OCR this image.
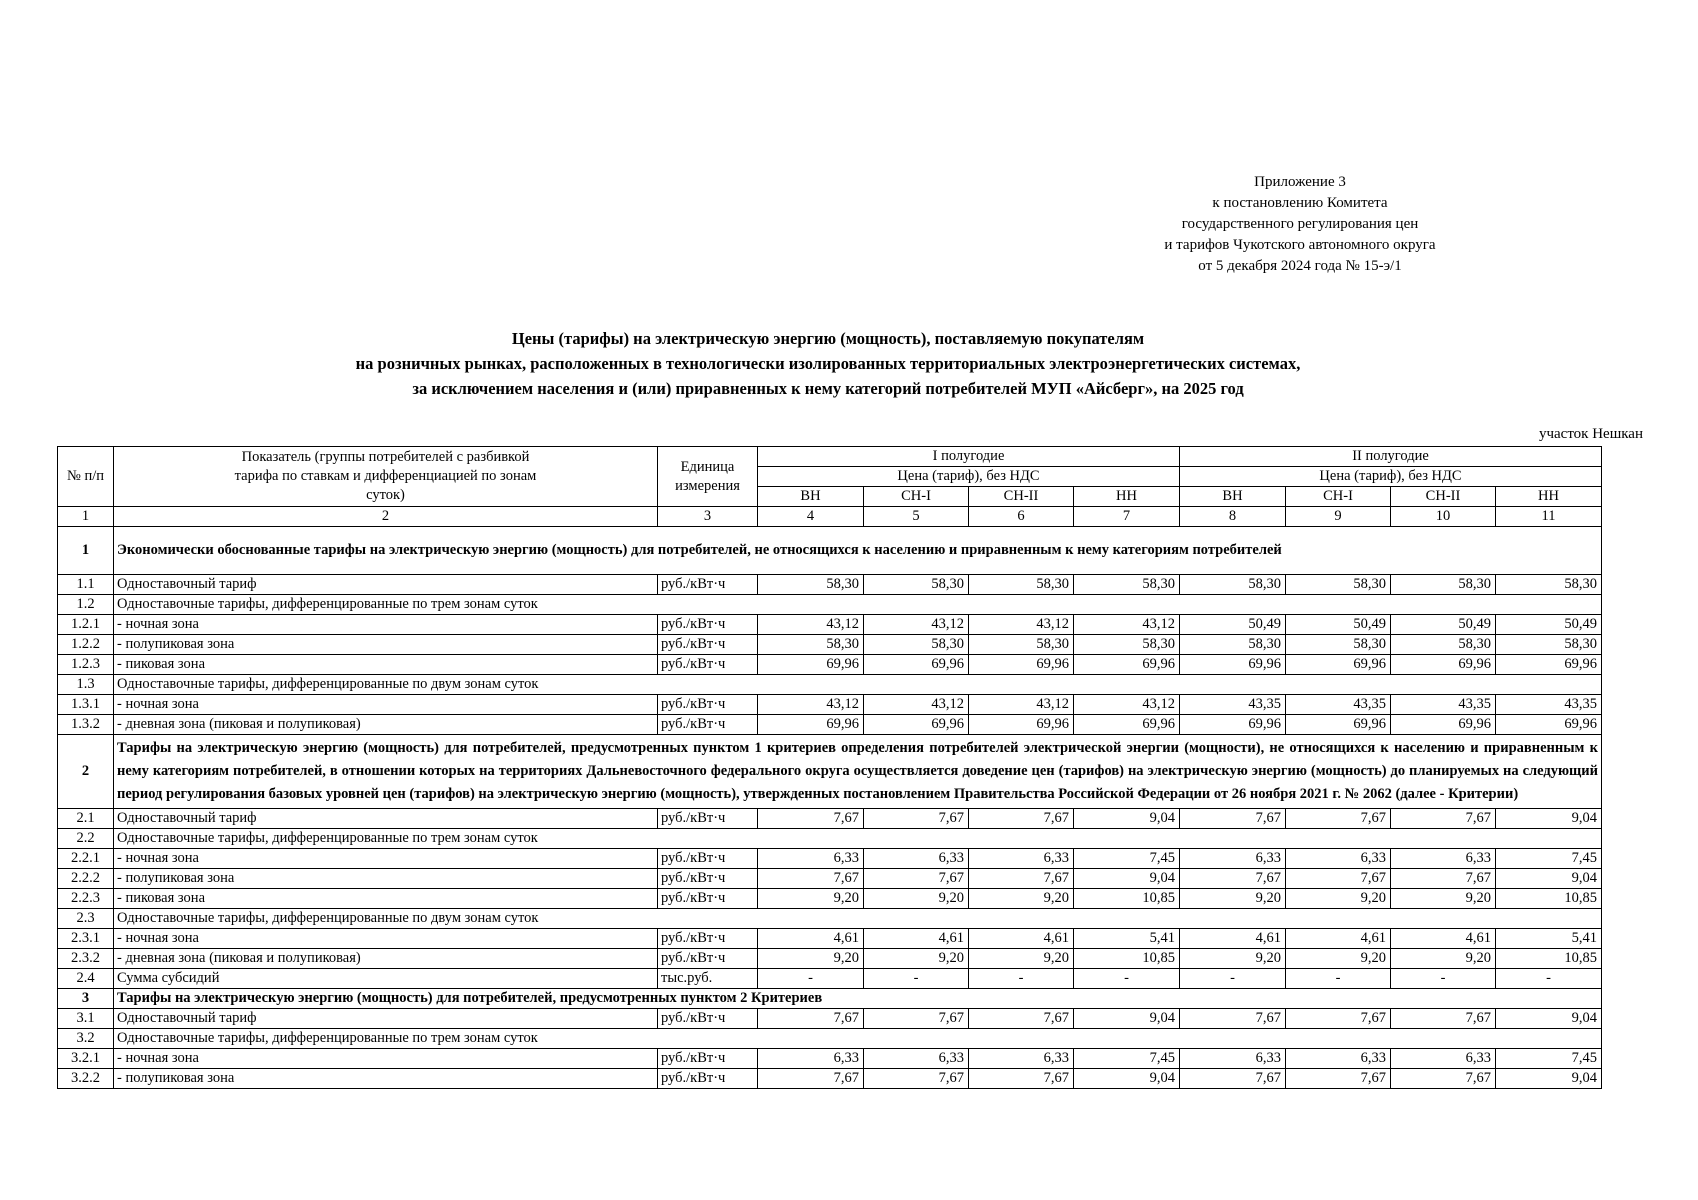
Приложение 3
к постановлению Комитета
государственного регулирования цен
и тарифов Чукотского автономного округа
от 5 декабря 2024 года № 15-э/1
Цены (тарифы) на электрическую энергию (мощность), поставляемую покупателям
на розничных рынках, расположенных в технологически изолированных территориальных электроэнергетических системах,
за исключением населения и (или) приравненных к нему категорий потребителей МУП «Айсберг», на 2025 год
участок Нешкан
№ п/п	Показатель (группы потребителей с разбивкой тарифа по ставкам и дифференциацией по зонам суток)	Единица измерения	I полугодие				II полугодие			
			Цена (тариф), без НДС				Цена (тариф), без НДС			
			ВН	СН-I	СН-II	НН	ВН	СН-I	СН-II	НН
1	2	3	4	5	6	7	8	9	10	11
1	Экономически обоснованные тарифы на электрическую энергию (мощность) для потребителей, не относящихся к населению и приравненным к нему категориям потребителей									
1.1	Одноставочный тариф	руб./кВт·ч	58,30	58,30	58,30	58,30	58,30	58,30	58,30	58,30
1.2	Одноставочные тарифы, дифференцированные по трем зонам суток									
1.2.1	- ночная зона	руб./кВт·ч	43,12	43,12	43,12	43,12	50,49	50,49	50,49	50,49
1.2.2	- полупиковая зона	руб./кВт·ч	58,30	58,30	58,30	58,30	58,30	58,30	58,30	58,30
1.2.3	- пиковая зона	руб./кВт·ч	69,96	69,96	69,96	69,96	69,96	69,96	69,96	69,96
1.3	Одноставочные тарифы, дифференцированные по двум зонам суток									
1.3.1	- ночная зона	руб./кВт·ч	43,12	43,12	43,12	43,12	43,35	43,35	43,35	43,35
1.3.2	- дневная зона (пиковая и полупиковая)	руб./кВт·ч	69,96	69,96	69,96	69,96	69,96	69,96	69,96	69,96
2	Тарифы на электрическую энергию (мощность) для потребителей, предусмотренных пунктом 1 критериев определения потребителей электрической энергии (мощности), не относящихся к населению и приравненным к нему категориям потребителей, в отношении которых на территориях Дальневосточного федерального округа осуществляется доведение цен (тарифов) на электрическую энергию (мощность) до планируемых на следующий период регулирования базовых уровней цен (тарифов) на электрическую энергию (мощность), утвержденных постановлением Правительства Российской Федерации от 26 ноября 2021 г. № 2062 (далее - Критерии)									
2.1	Одноставочный тариф	руб./кВт·ч	7,67	7,67	7,67	9,04	7,67	7,67	7,67	9,04
2.2	Одноставочные тарифы, дифференцированные по трем зонам суток									
2.2.1	- ночная зона	руб./кВт·ч	6,33	6,33	6,33	7,45	6,33	6,33	6,33	7,45
2.2.2	- полупиковая зона	руб./кВт·ч	7,67	7,67	7,67	9,04	7,67	7,67	7,67	9,04
2.2.3	- пиковая зона	руб./кВт·ч	9,20	9,20	9,20	10,85	9,20	9,20	9,20	10,85
2.3	Одноставочные тарифы, дифференцированные по двум зонам суток									
2.3.1	- ночная зона	руб./кВт·ч	4,61	4,61	4,61	5,41	4,61	4,61	4,61	5,41
2.3.2	- дневная зона (пиковая и полупиковая)	руб./кВт·ч	9,20	9,20	9,20	10,85	9,20	9,20	9,20	10,85
2.4	Сумма субсидий	тыс.руб.	-	-	-	-	-	-	-	-
3	Тарифы на электрическую энергию (мощность) для потребителей, предусмотренных пунктом 2 Критериев									
3.1	Одноставочный тариф	руб./кВт·ч	7,67	7,67	7,67	9,04	7,67	7,67	7,67	9,04
3.2	Одноставочные тарифы, дифференцированные по трем зонам суток									
3.2.1	- ночная зона	руб./кВт·ч	6,33	6,33	6,33	7,45	6,33	6,33	6,33	7,45
3.2.2	- полупиковая зона	руб./кВт·ч	7,67	7,67	7,67	9,04	7,67	7,67	7,67	9,04
